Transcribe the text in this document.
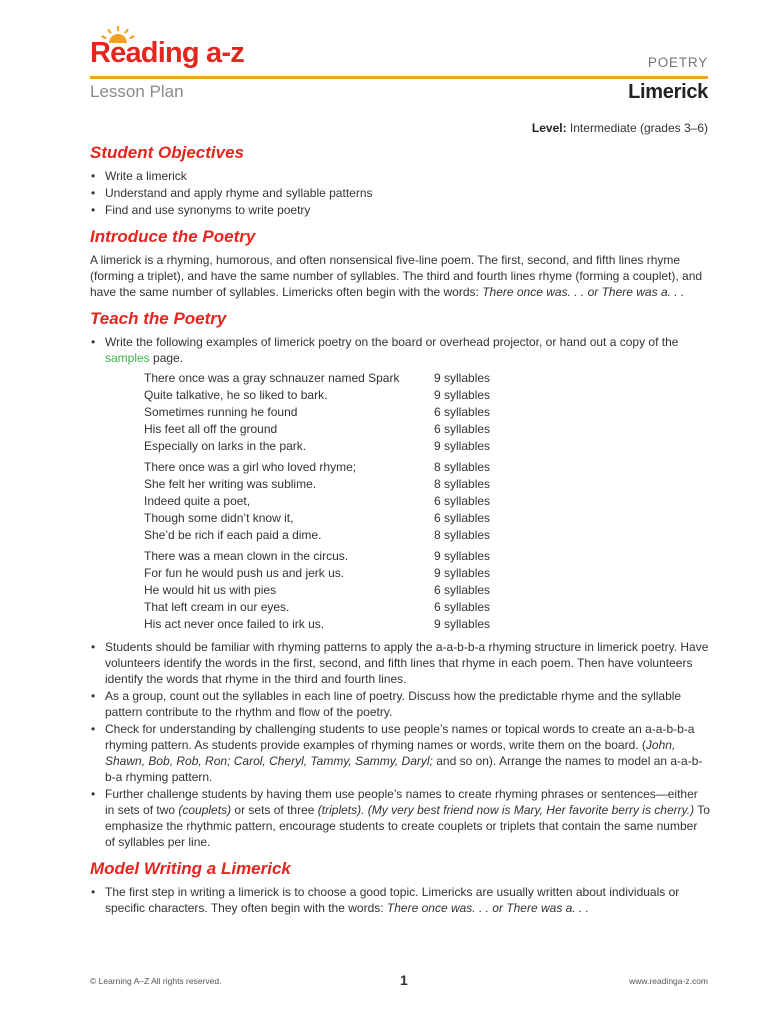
Reading a-z	POETRY
Lesson Plan	Limerick
Level: Intermediate (grades 3–6)
Student Objectives
• Write a limerick
• Understand and apply rhyme and syllable patterns
• Find and use synonyms to write poetry
Introduce the Poetry

A limerick is a rhyming, humorous, and often nonsensical five-line poem. The first, second, and fifth lines rhyme (forming a triplet), and have the same number of syllables. The third and fourth lines rhyme (forming a couplet), and have the same number of syllables. Limericks often begin with the words: There once was. . . or There was a. . .

Teach the Poetry
• Write the following examples of limerick poetry on the board or overhead projector, or hand out a copy of the samples page.
There once was a gray schnauzer named Spark	9 syllables
Quite talkative, he so liked to bark.	9 syllables
Sometimes running he found	6 syllables
His feet all off the ground	6 syllables
Especially on larks in the park.	9 syllables
There once was a girl who loved rhyme;	8 syllables
She felt her writing was sublime.	8 syllables
Indeed quite a poet,	6 syllables
Though some didn’t know it,	6 syllables
She’d be rich if each paid a dime.	8 syllables
There was a mean clown in the circus.	9 syllables
For fun he would push us and jerk us.	9 syllables
He would hit us with pies	6 syllables
That left cream in our eyes.	6 syllables
His act never once failed to irk us.	9 syllables
• Students should be familiar with rhyming patterns to apply the a-a-b-b-a rhyming structure in limerick poetry. Have volunteers identify the words in the first, second, and fifth lines that rhyme in each poem. Then have volunteers identify the words that rhyme in the third and fourth lines.
• As a group, count out the syllables in each line of poetry. Discuss how the predictable rhyme and the syllable pattern contribute to the rhythm and flow of the poetry.
• Check for understanding by challenging students to use people’s names or topical words to create an a-a-b-b-a rhyming pattern. As students provide examples of rhyming names or words, write them on the board. (John, Shawn, Bob, Rob, Ron; Carol, Cheryl, Tammy, Sammy, Daryl; and so on). Arrange the names to model an a-a-b-b-a rhyming pattern.
• Further challenge students by having them use people’s names to create rhyming phrases or sentences—either in sets of two (couplets) or sets of three (triplets). (My very best friend now is Mary, Her favorite berry is cherry.) To emphasize the rhythmic pattern, encourage students to create couplets or triplets that contain the same number of syllables per line.
Model Writing a Limerick
• The first step in writing a limerick is to choose a good topic. Limericks are usually written about individuals or specific characters. They often begin with the words: There once was. . . or There was a. . .
© Learning A–Z All rights reserved.	1	www.readinga-z.com
